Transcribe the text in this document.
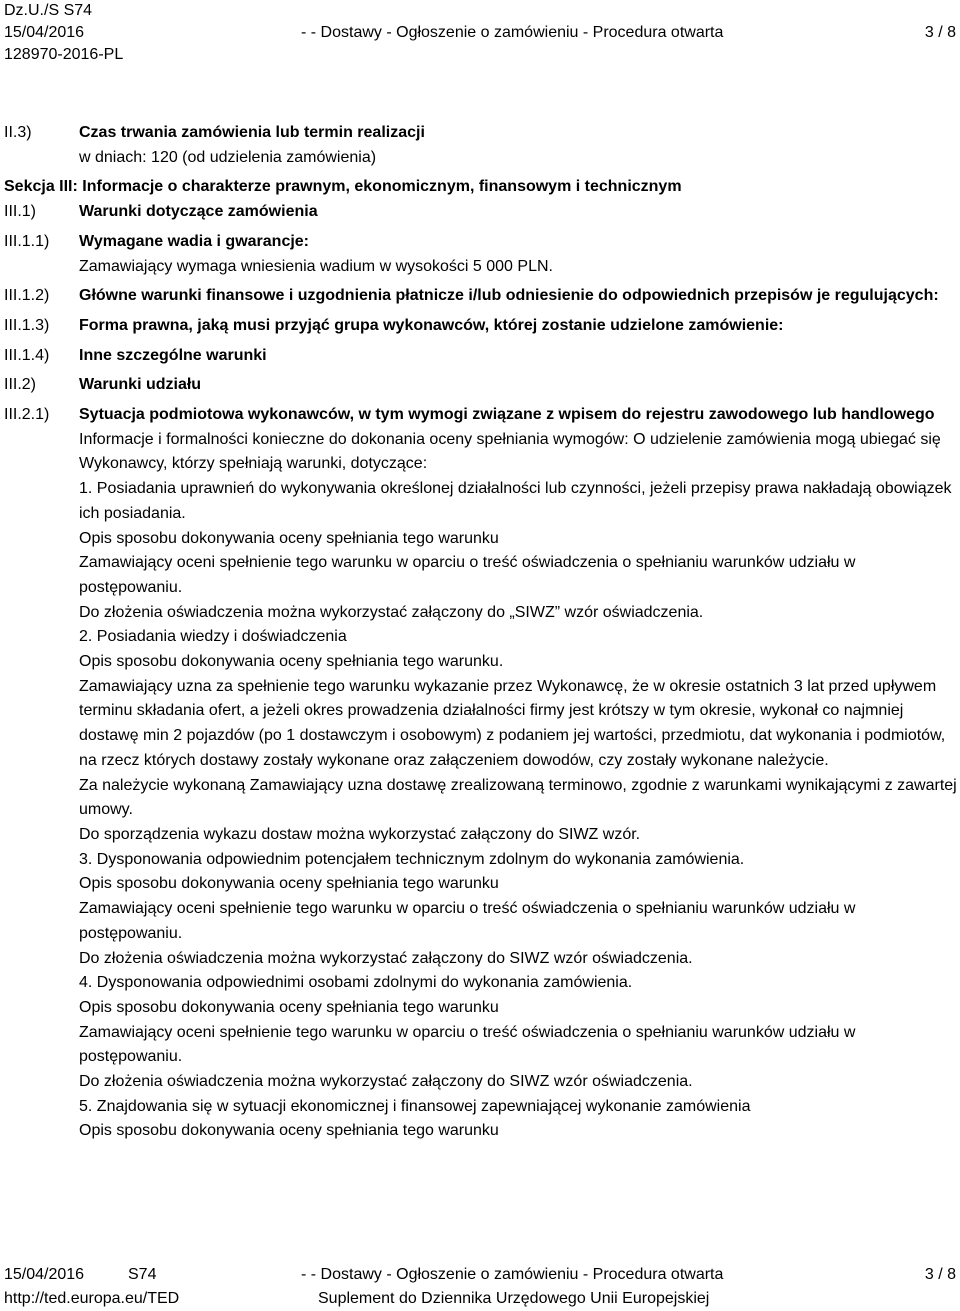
Dz.U./S S74
15/04/2016	- - Dostawy - Ogłoszenie o zamówieniu - Procedura otwarta	3 / 8
128970-2016-PL
II.3)	Czas trwania zamówienia lub termin realizacji
w dniach: 120 (od udzielenia zamówienia)
Sekcja III: Informacje o charakterze prawnym, ekonomicznym, finansowym i technicznym
III.1)	Warunki dotyczące zamówienia
III.1.1)	Wymagane wadia i gwarancje:
Zamawiający wymaga wniesienia wadium w wysokości 5 000 PLN.
III.1.2)	Główne warunki finansowe i uzgodnienia płatnicze i/lub odniesienie do odpowiednich przepisów je regulujących:
III.1.3)	Forma prawna, jaką musi przyjąć grupa wykonawców, której zostanie udzielone zamówienie:
III.1.4)	Inne szczególne warunki
III.2)	Warunki udziału
III.2.1)	Sytuacja podmiotowa wykonawców, w tym wymogi związane z wpisem do rejestru zawodowego lub handlowego

Informacje i formalności konieczne do dokonania oceny spełniania wymogów: O udzielenie zamówienia mogą ubiegać się Wykonawcy, którzy spełniają warunki, dotyczące:

1. Posiadania uprawnień do wykonywania określonej działalności lub czynności, jeżeli przepisy prawa nakładają obowiązek ich posiadania.

Opis sposobu dokonywania oceny spełniania tego warunku

Zamawiający oceni spełnienie tego warunku w oparciu o treść oświadczenia o spełnianiu warunków udziału w postępowaniu.

Do złożenia oświadczenia można wykorzystać załączony do „SIWZ” wzór oświadczenia.

2. Posiadania wiedzy i doświadczenia

Opis sposobu dokonywania oceny spełniania tego warunku.

Zamawiający uzna za spełnienie tego warunku wykazanie przez Wykonawcę, że w okresie ostatnich 3 lat przed upływem terminu składania ofert, a jeżeli okres prowadzenia działalności firmy jest krótszy w tym okresie, wykonał co najmniej dostawę min 2 pojazdów (po 1 dostawczym i osobowym) z podaniem jej wartości, przedmiotu, dat wykonania i podmiotów, na rzecz których dostawy zostały wykonane oraz załączeniem dowodów, czy zostały wykonane należycie.

Za należycie wykonaną Zamawiający uzna dostawę zrealizowaną terminowo, zgodnie z warunkami wynikającymi z zawartej umowy.

Do sporządzenia wykazu dostaw można wykorzystać załączony do SIWZ wzór.

3. Dysponowania odpowiednim potencjałem technicznym zdolnym do wykonania zamówienia.

Opis sposobu dokonywania oceny spełniania tego warunku

Zamawiający oceni spełnienie tego warunku w oparciu o treść oświadczenia o spełnianiu warunków udziału w postępowaniu.

Do złożenia oświadczenia można wykorzystać załączony do SIWZ wzór oświadczenia.

4. Dysponowania odpowiednimi osobami zdolnymi do wykonania zamówienia.

Opis sposobu dokonywania oceny spełniania tego warunku

Zamawiający oceni spełnienie tego warunku w oparciu o treść oświadczenia o spełnianiu warunków udziału w postępowaniu.

Do złożenia oświadczenia można wykorzystać załączony do SIWZ wzór oświadczenia.

5. Znajdowania się w sytuacji ekonomicznej i finansowej zapewniającej wykonanie zamówienia

Opis sposobu dokonywania oceny spełniania tego warunku

15/04/2016	S74	- - Dostawy - Ogłoszenie o zamówieniu - Procedura otwarta	3 / 8
http://ted.europa.eu/TED	Suplement do Dziennika Urzędowego Unii Europejskiej
